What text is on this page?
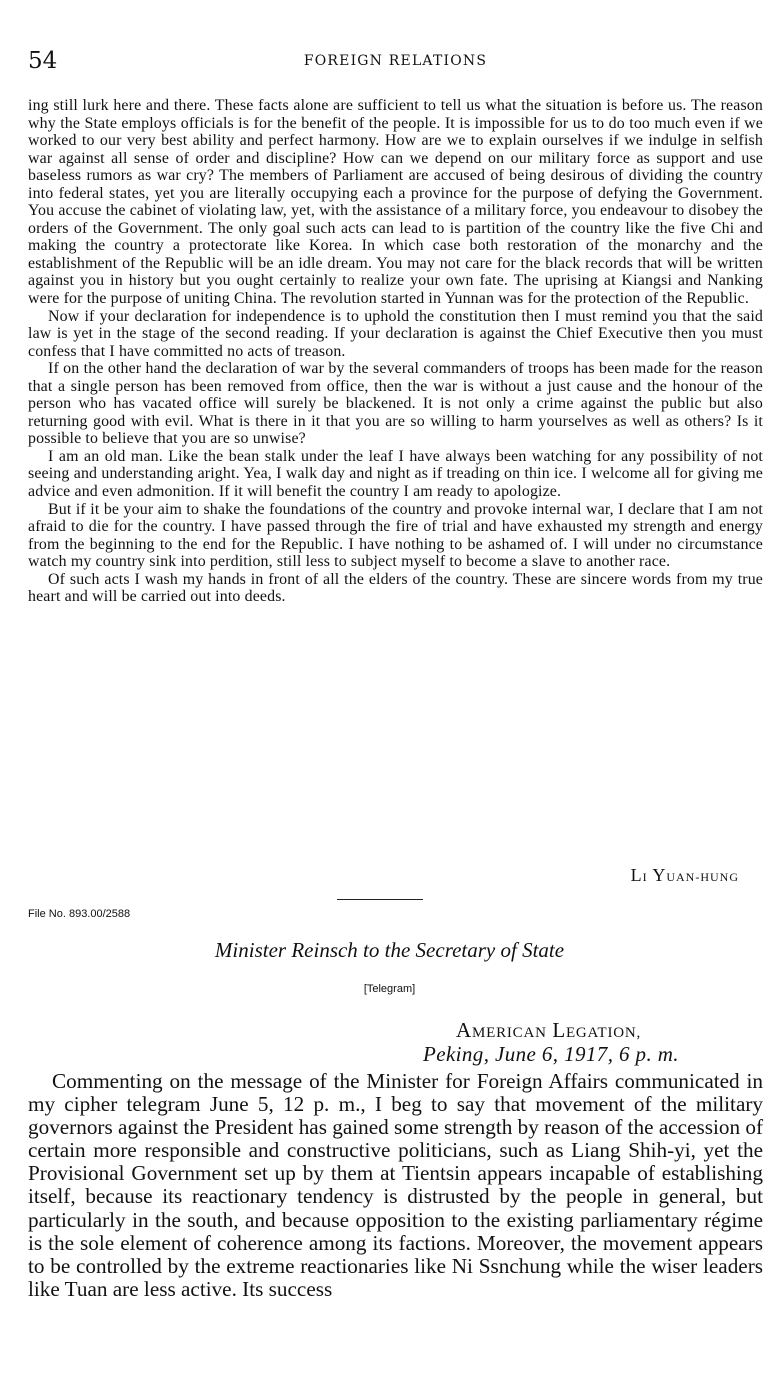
54	FOREIGN RELATIONS

ing still lurk here and there. These facts alone are sufficient to tell us what the situation is before us. The reason why the State employs officials is for the benefit of the people. It is impossible for us to do too much even if we worked to our very best ability and perfect harmony. How are we to explain ourselves if we indulge in selfish war against all sense of order and discipline? How can we depend on our military force as support and use baseless rumors as war cry? The members of Parliament are accused of being desirous of dividing the country into federal states, yet you are literally occupying each a province for the purpose of defying the Government. You accuse the cabinet of violating law, yet, with the assistance of a military force, you endeavour to disobey the orders of the Government. The only goal such acts can lead to is partition of the country like the five Chi and making the country a protectorate like Korea. In which case both restoration of the monarchy and the establishment of the Republic will be an idle dream. You may not care for the black records that will be written against you in history but you ought certainly to realize your own fate. The uprising at Kiangsi and Nanking were for the purpose of uniting China. The revolution started in Yunnan was for the protection of the Republic.

Now if your declaration for independence is to uphold the constitution then I must remind you that the said law is yet in the stage of the second reading. If your declaration is against the Chief Executive then you must confess that I have committed no acts of treason.

If on the other hand the declaration of war by the several commanders of troops has been made for the reason that a single person has been removed from office, then the war is without a just cause and the honour of the person who has vacated office will surely be blackened. It is not only a crime against the public but also returning good with evil. What is there in it that you are so willing to harm yourselves as well as others? Is it possible to believe that you are so unwise?

I am an old man. Like the bean stalk under the leaf I have always been watching for any possibility of not seeing and understanding aright. Yea, I walk day and night as if treading on thin ice. I welcome all for giving me advice and even admonition. If it will benefit the country I am ready to apologize.

But if it be your aim to shake the foundations of the country and provoke internal war, I declare that I am not afraid to die for the country. I have passed through the fire of trial and have exhausted my strength and energy from the beginning to the end for the Republic. I have nothing to be ashamed of. I will under no circumstance watch my country sink into perdition, still less to subject myself to become a slave to another race.

Of such acts I wash my hands in front of all the elders of the country. These are sincere words from my true heart and will be carried out into deeds.

LI YUAN-HUNG
File No. 893.00/2588
Minister Reinsch to the Secretary of State
[Telegram]
AMERICAN LEGATION,
Peking, June 6, 1917, 6 p. m.

Commenting on the message of the Minister for Foreign Affairs communicated in my cipher telegram June 5, 12 p. m., I beg to say that movement of the military governors against the President has gained some strength by reason of the accession of certain more responsible and constructive politicians, such as Liang Shih-yi, yet the Provisional Government set up by them at Tientsin appears incapable of establishing itself, because its reactionary tendency is distrusted by the people in general, but particularly in the south, and because opposition to the existing parliamentary régime is the sole element of coherence among its factions. Moreover, the movement appears to be controlled by the extreme reactionaries like Ni Ssnchung while the wiser leaders like Tuan are less active. Its success
